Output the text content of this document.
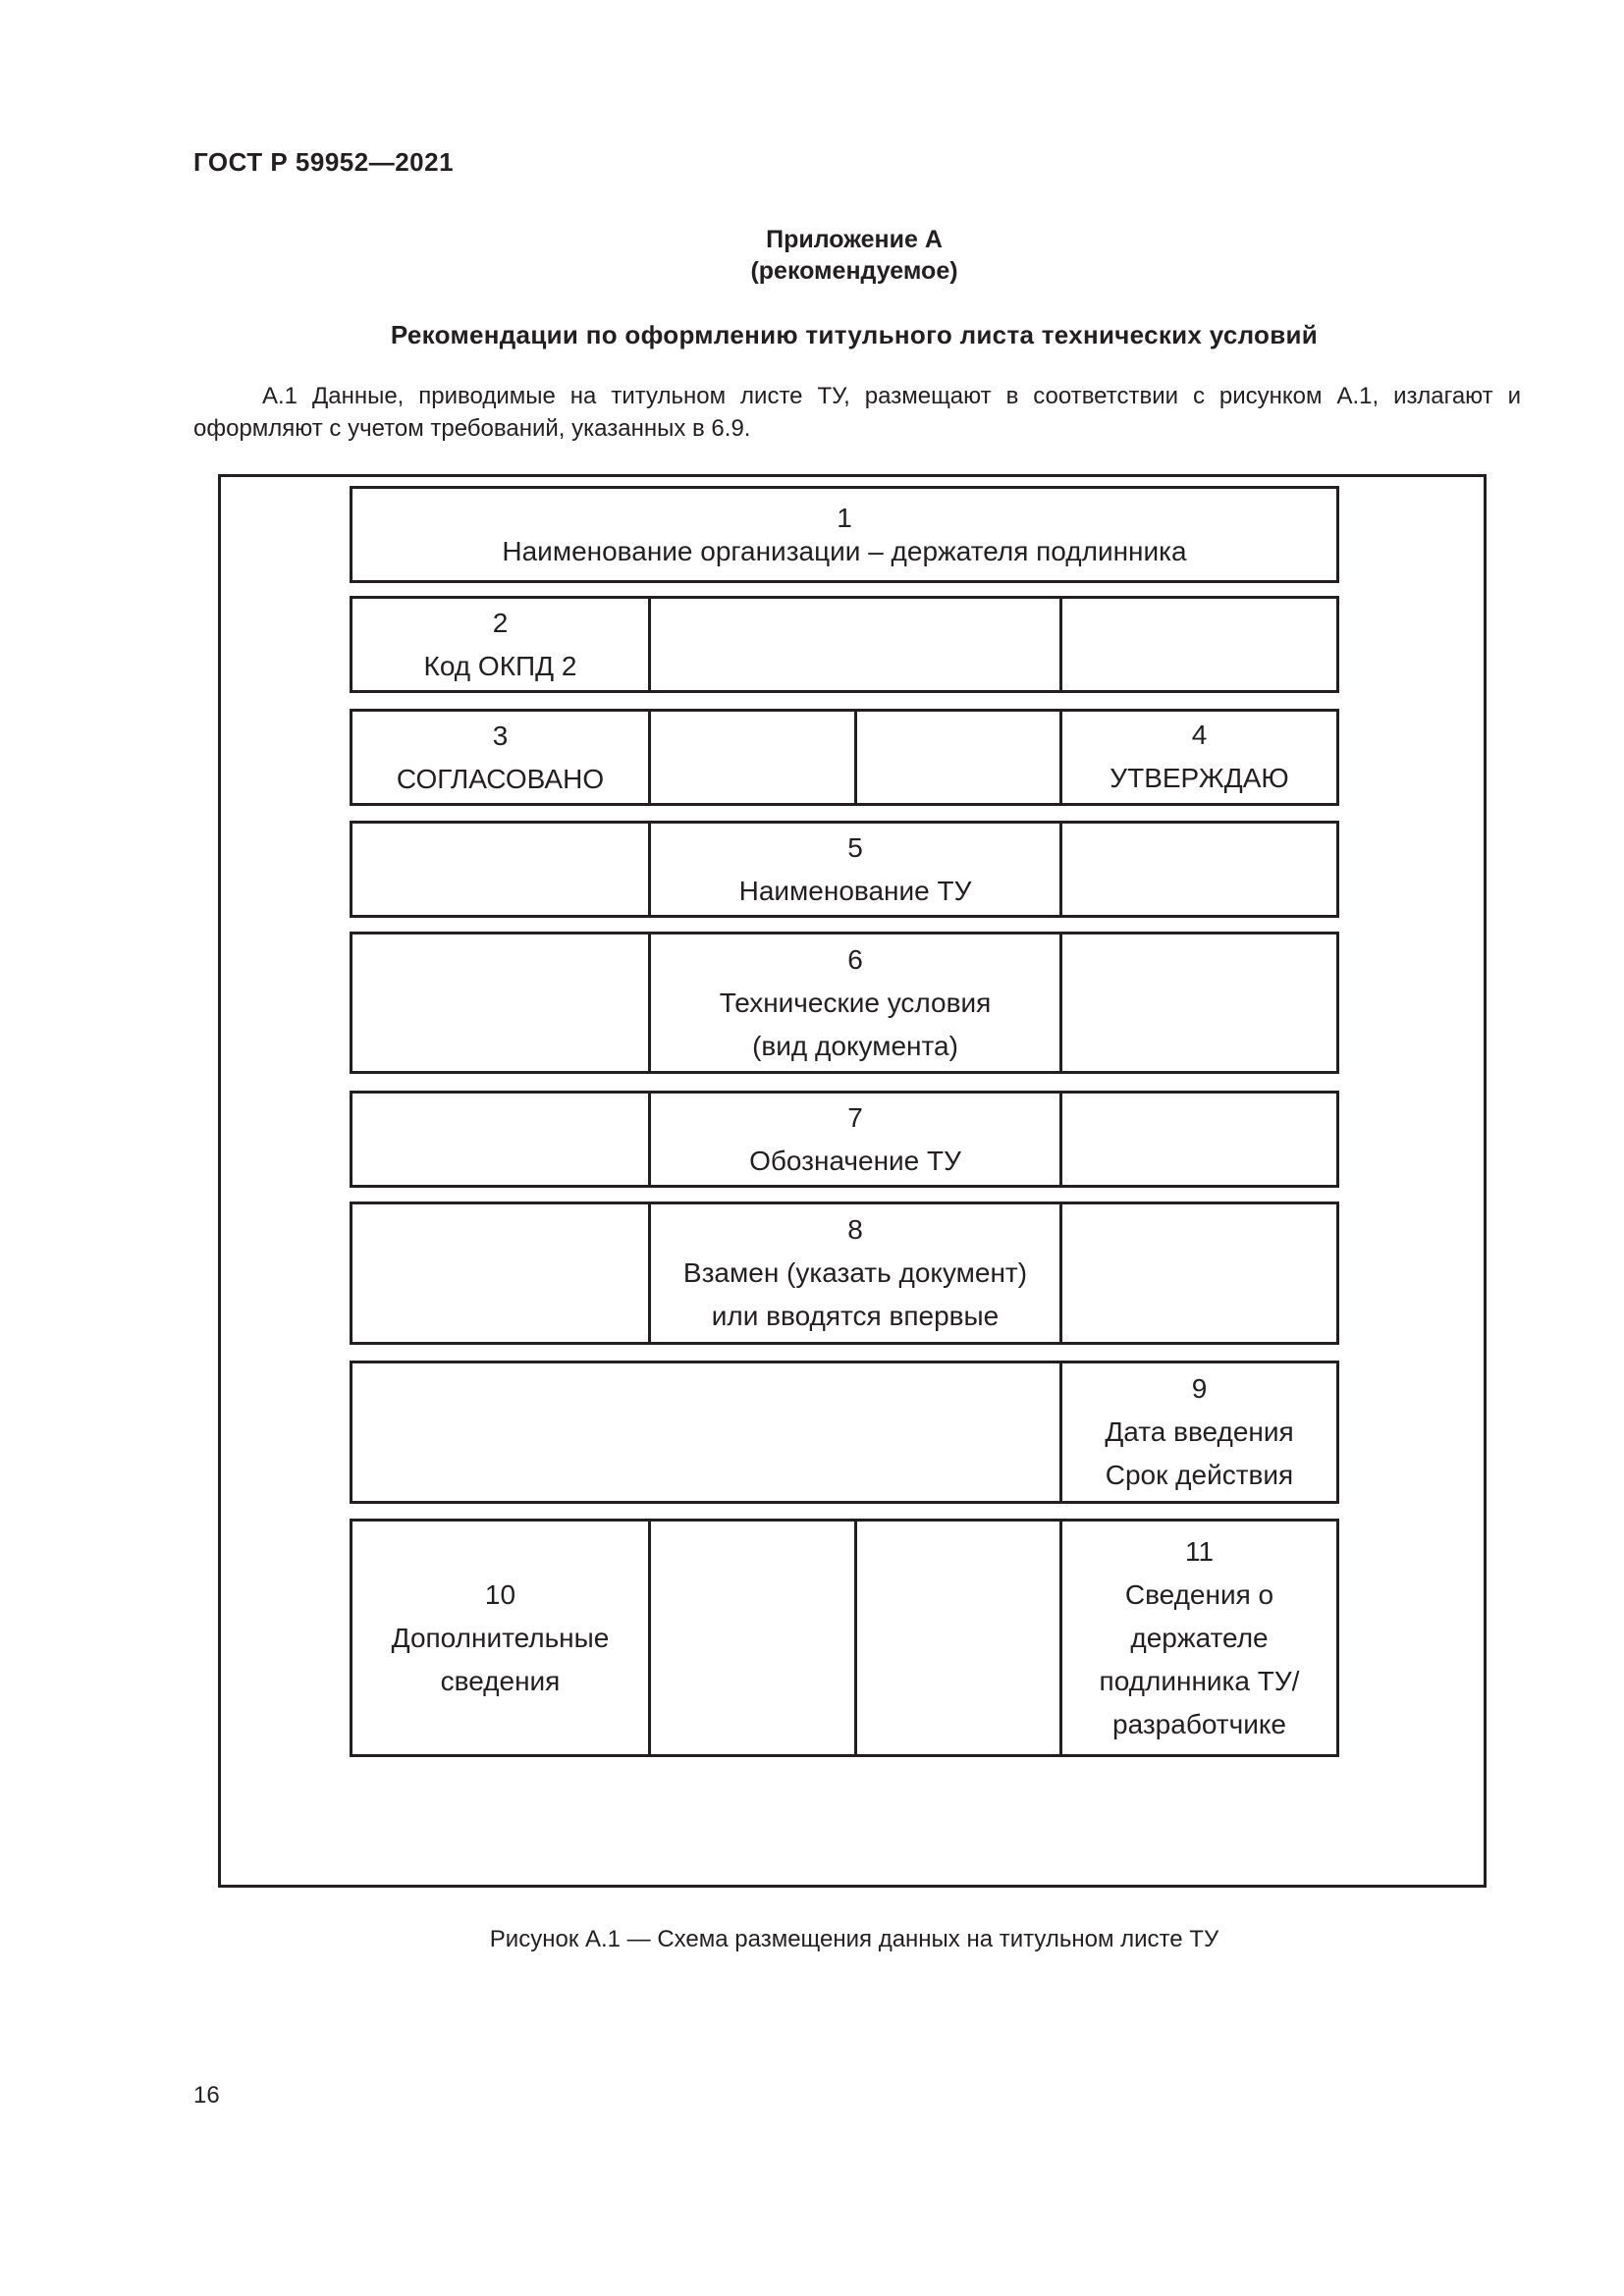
ГОСТ Р 59952—2021
Приложение А
(рекомендуемое)
Рекомендации по оформлению титульного листа технических условий
А.1 Данные, приводимые на титульном листе ТУ, размещают в соответствии с рисунком А.1, излагают и
оформляют с учетом требований, указанных в 6.9.
1
Наименование организации – держателя подлинника
2
Код ОКПД 2
3
СОГЛАСОВАНО
4
УТВЕРЖДАЮ
5
Наименование ТУ
6
Технические условия
(вид документа)
7
Обозначение ТУ
8
Взамен (указать документ)
или вводятся впервые
9
Дата введения
Срок действия
10
Дополнительные
сведения
11
Сведения о
держателе
подлинника ТУ/
разработчике
Рисунок А.1 — Схема размещения данных на титульном листе ТУ
16
